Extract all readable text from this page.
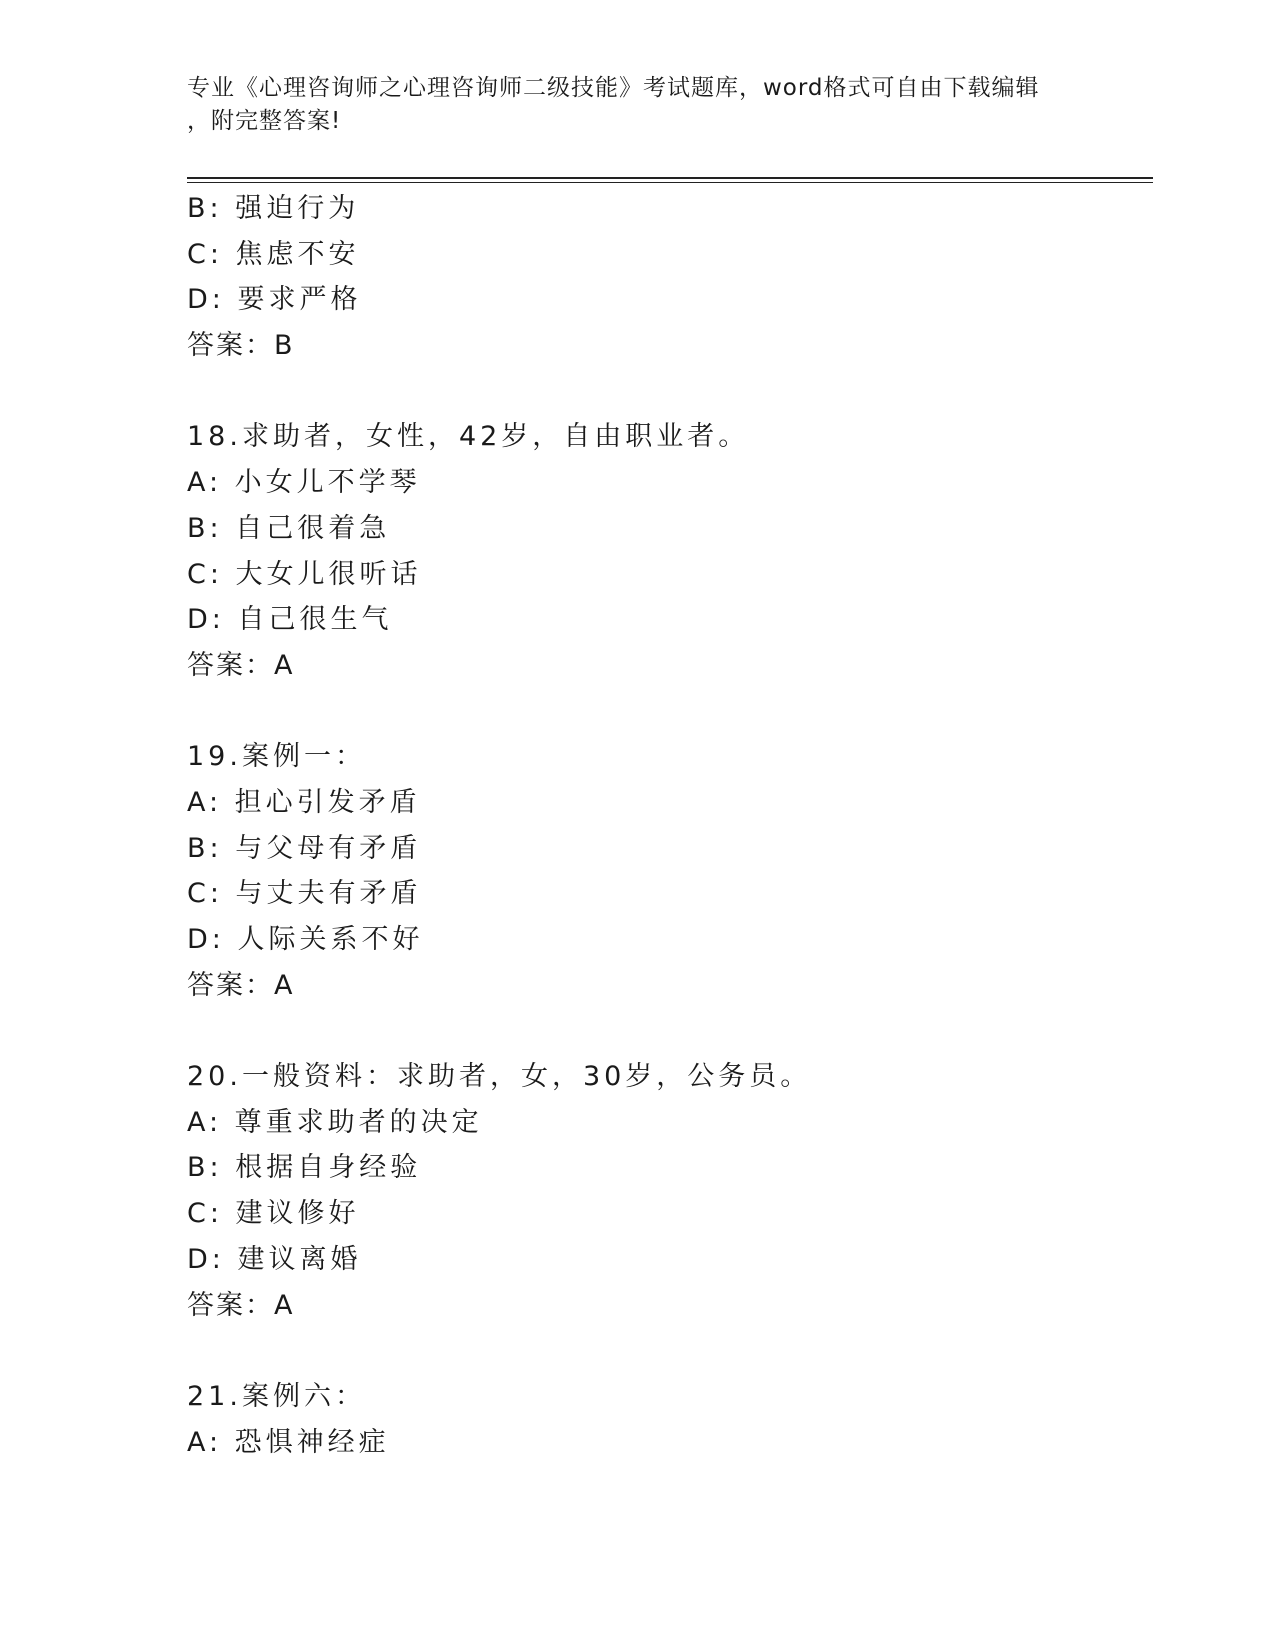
专业《心理咨询师之心理咨询师二级技能》考试题库，word格式可自由下载编辑
，附完整答案!
B: 强迫行为
C: 焦虑不安
D: 要求严格
答案：B
18.求助者，女性，42岁，自由职业者。
A: 小女儿不学琴
B: 自己很着急
C: 大女儿很听话
D: 自己很生气
答案：A
19.案例一：
A: 担心引发矛盾
B: 与父母有矛盾
C: 与丈夫有矛盾
D: 人际关系不好
答案：A
20.一般资料：求助者，女，30岁，公务员。
A: 尊重求助者的决定
B: 根据自身经验
C: 建议修好
D: 建议离婚
答案：A
21.案例六：
A: 恐惧神经症
